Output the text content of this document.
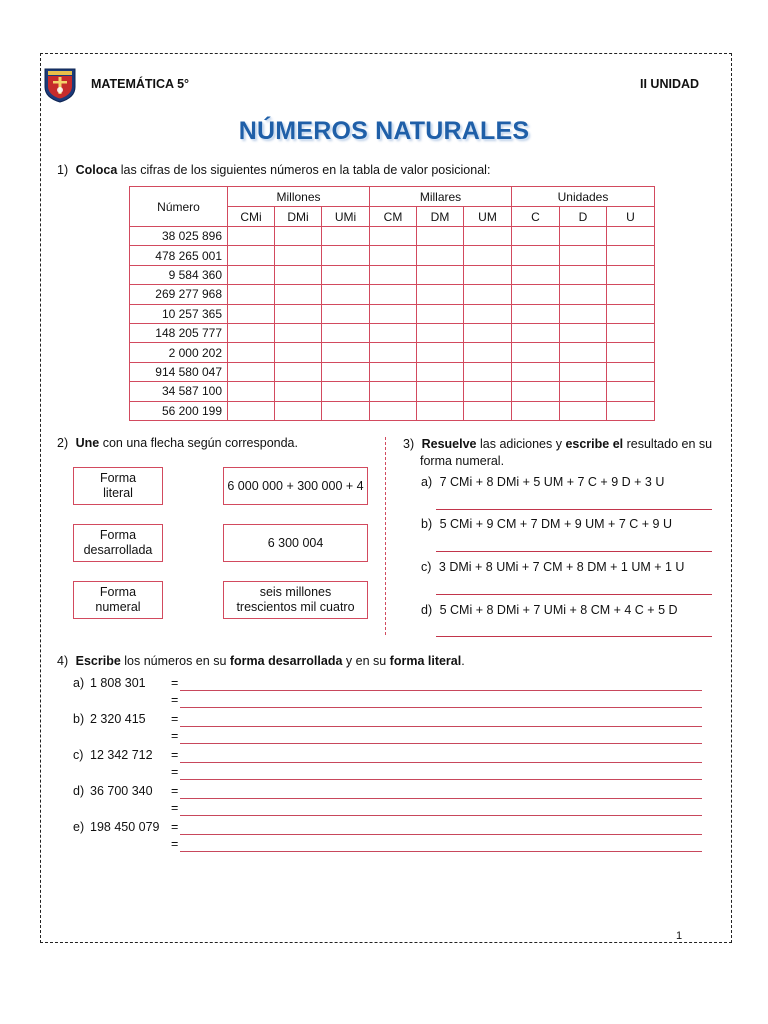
MATEMÁTICA 5°	II UNIDAD
NÚMEROS NATURALES
1) Coloca las cifras de los siguientes números en la tabla de valor posicional:
Número	Millones			Millares			Unidades		
	CMi	DMi	UMi	CM	DM	UM	C	D	U
38 025 896									
478 265 001									
9 584 360									
269 277 968									
10 257 365									
148 205 777									
2 000 202									
914 580 047									
34 587 100									
56 200 199									
2) Une con una flecha según corresponda.
Forma
literal
Forma
desarrollada
Forma
numeral
6 000 000 + 300 000 + 4
6 300 004
seis millones
trescientos mil cuatro
3) Resuelve las adiciones y escribe el resultado en su
forma numeral.
a) 7 CMi + 8 DMi + 5 UM + 7 C + 9 D + 3 U
b) 5 CMi + 9 CM + 7 DM + 9 UM + 7 C + 9 U
c) 3 DMi + 8 UMi + 7 CM + 8 DM + 1 UM + 1 U
d) 5 CMi + 8 DMi + 7 UMi + 8 CM + 4 C + 5 D
4) Escribe los números en su forma desarrollada y en su forma literal.
a) 1 808 301 =
=
b) 2 320 415 =
=
c) 12 342 712 =
=
d) 36 700 340 =
=
e) 198 450 079 =
=
1
